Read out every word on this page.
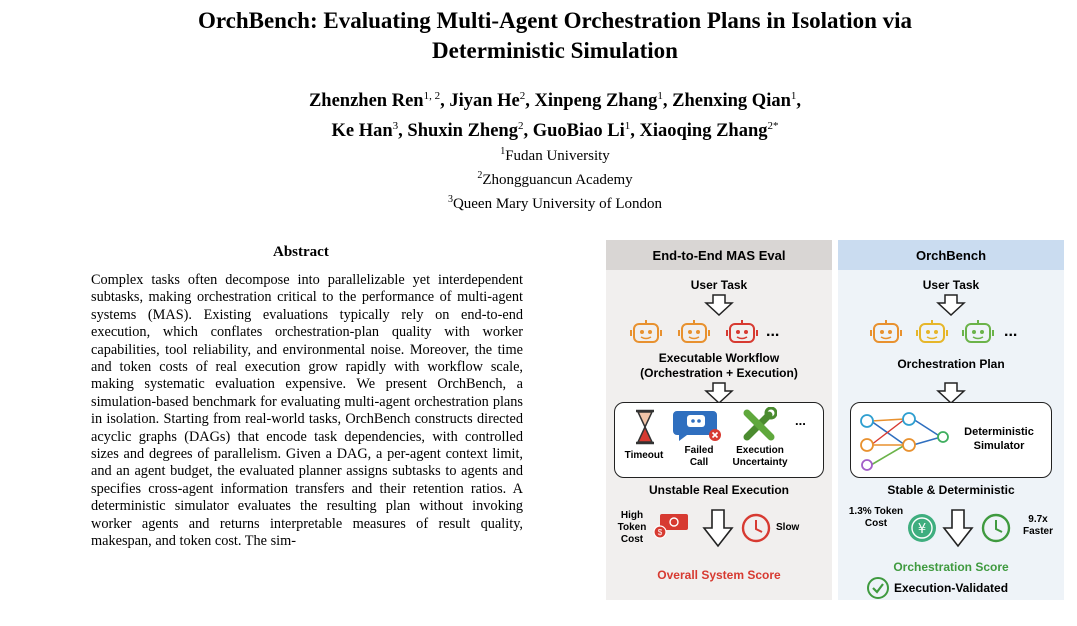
OrchBench: Evaluating Multi-Agent Orchestration Plans in Isolation via
Deterministic Simulation
Zhenzhen Ren$^{1, 2}$, Jiyan He$^2$, Xinpeng Zhang$^1$, Zhenxing Qian$^1$,
Ke Han$^3$, Shuxin Zheng$^2$, GuoBiao Li$^1$, Xiaoqing Zhang$^{2*}$
$^1$Fudan University
$^2$Zhongguancun Academy
$^3$Queen Mary University of London
Abstract
Complex tasks often decompose into parallelizable yet interdependent subtasks, making orchestration critical to the performance of multi-agent systems (MAS). Existing evaluations typically rely on end-to-end execution, which conflates orchestration-plan quality with worker capabilities, tool reliability, and environmental noise. Moreover, the time and token costs of real execution grow rapidly with workflow scale, making systematic evaluation expensive. We present OrchBench, a simulation-based benchmark for evaluating multi-agent orchestration plans in isolation. Starting from real-world tasks, OrchBench constructs directed acyclic graphs (DAGs) that encode task dependencies, with controlled sizes and degrees of parallelism. Given a DAG, a per-agent context limit, and an agent budget, the evaluated planner assigns subtasks to agents and specifies cross-agent information transfers and their retention ratios. A deterministic simulator evaluates the resulting plan without invoking worker agents and returns interpretable measures of result quality, makespan, and token cost. The sim-
End-to-End MAS Eval
User Task
...
Executable Workflow
(Orchestration + Execution)
Timeout	Failed
Call
Execution
Uncertainty
...
Unstable Real Execution
High
Token
Cost
$	Slow
Overall System Score
OrchBench
User Task
...
Orchestration Plan
Deterministic
Simulator
Stable & Deterministic
1.3% Token
Cost	¥
9.7x
Faster
Orchestration Score
Execution-Validated
